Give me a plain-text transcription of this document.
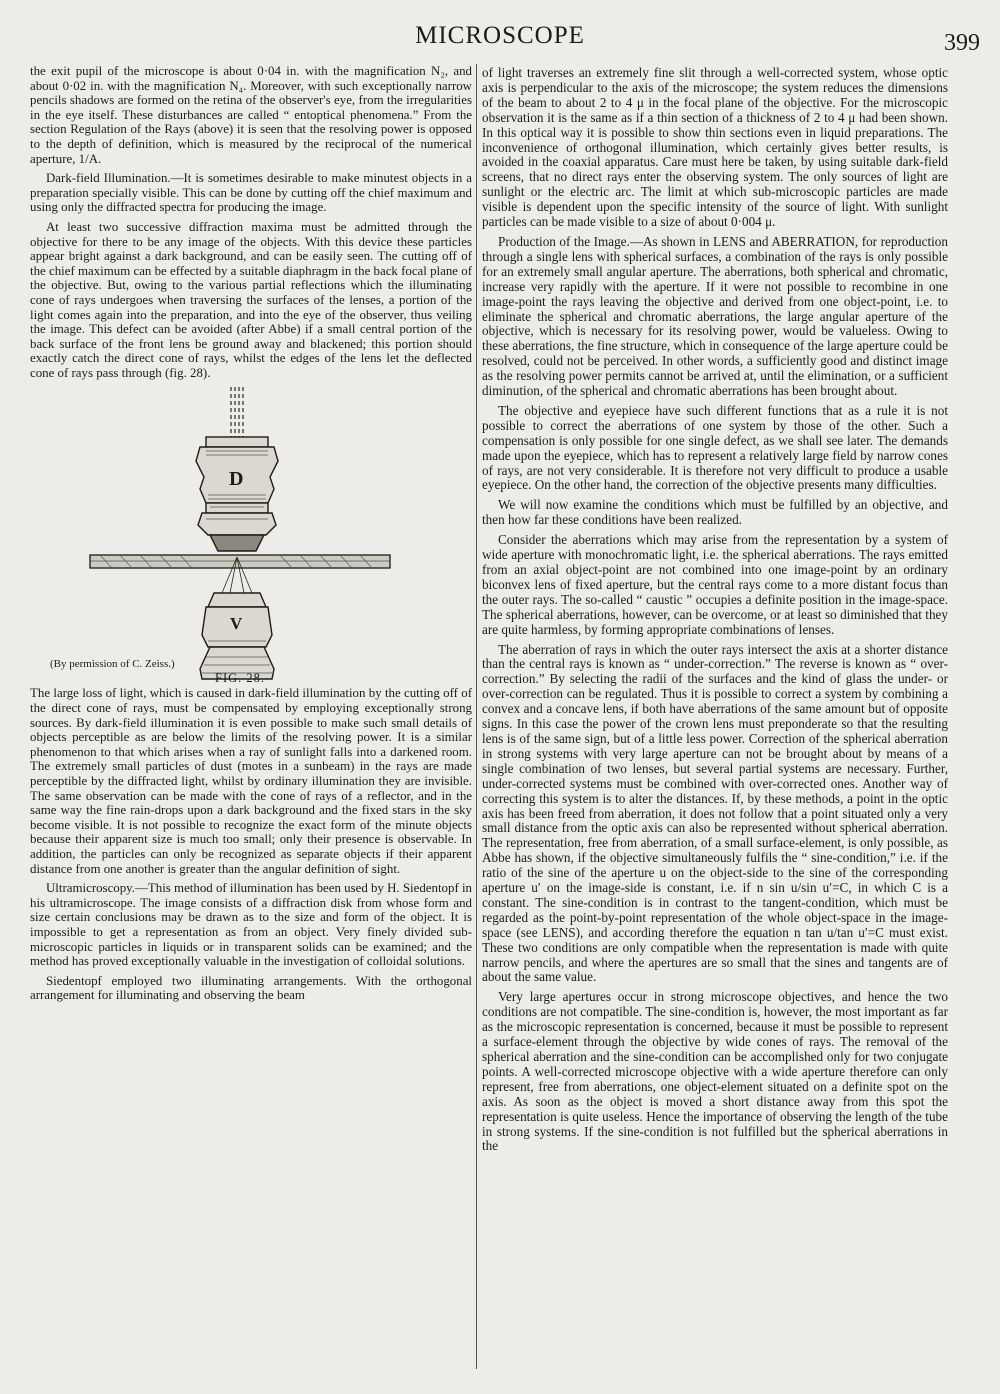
MICROSCOPE	399

the exit pupil of the microscope is about 0·04 in. with the magnification N₂, and about 0·02 in. with the magnification N₄. Moreover, with such exceptionally narrow pencils shadows are formed on the retina of the observer's eye, from the irregularities in the eye itself. These disturbances are called “ entoptical phenomena.” From the section Regulation of the Rays (above) it is seen that the resolving power is opposed to the depth of definition, which is measured by the reciprocal of the numerical aperture, 1/A.

Dark-field Illumination.—It is sometimes desirable to make minutest objects in a preparation specially visible. This can be done by cutting off the chief maximum and using only the diffracted spectra for producing the image.

At least two successive diffraction maxima must be admitted through the objective for there to be any image of the objects. With this device these particles appear bright against a dark background, and can be easily seen. The cutting off of the chief maximum can be effected by a suitable diaphragm in the back focal plane of the objective. But, owing to the various partial reflections which the illuminating cone of rays undergoes when traversing the surfaces of the lenses, a portion of the light comes again into the preparation, and into the eye of the observer, thus veiling the image. This defect can be avoided (after Abbe) if a small central portion of the back surface of the front lens be ground away and blackened; this portion should exactly catch the direct cone of rays, whilst the edges of the lens let the deflected cone of rays pass through (fig. 28).

D
V
(By permission of C. Zeiss.)
FIG. 28.

The large loss of light, which is caused in dark-field illumination by the cutting off of the direct cone of rays, must be compensated by employing exceptionally strong sources. By dark-field illumination it is even possible to make such small details of objects perceptible as are below the limits of the resolving power. It is a similar phenomenon to that which arises when a ray of sunlight falls into a darkened room. The extremely small particles of dust (motes in a sunbeam) in the rays are made perceptible by the diffracted light, whilst by ordinary illumination they are invisible. The same observation can be made with the cone of rays of a reflector, and in the same way the fine rain-drops upon a dark background and the fixed stars in the sky become visible. It is not possible to recognize the exact form of the minute objects because their apparent size is much too small; only their presence is observable. In addition, the particles can only be recognized as separate objects if their apparent distance from one another is greater than the angular definition of sight.

Ultramicroscopy.—This method of illumination has been used by H. Siedentopf in his ultramicroscope. The image consists of a diffraction disk from whose form and size certain conclusions may be drawn as to the size and form of the object. It is impossible to get a representation as from an object. Very finely divided sub-microscopic particles in liquids or in transparent solids can be examined; and the method has proved exceptionally valuable in the investigation of colloidal solutions.

Siedentopf employed two illuminating arrangements. With the orthogonal arrangement for illuminating and observing the beam

of light traverses an extremely fine slit through a well-corrected system, whose optic axis is perpendicular to the axis of the microscope; the system reduces the dimensions of the beam to about 2 to 4 μ in the focal plane of the objective. For the microscopic observation it is the same as if a thin section of a thickness of 2 to 4 μ had been shown. In this optical way it is possible to show thin sections even in liquid preparations. The inconvenience of orthogonal illumination, which certainly gives better results, is avoided in the coaxial apparatus. Care must here be taken, by using suitable dark-field screens, that no direct rays enter the observing system. The only sources of light are sunlight or the electric arc. The limit at which sub-microscopic particles are made visible is dependent upon the specific intensity of the source of light. With sunlight particles can be made visible to a size of about 0·004 μ.

Production of the Image.—As shown in LENS and ABERRATION, for reproduction through a single lens with spherical surfaces, a combination of the rays is only possible for an extremely small angular aperture. The aberrations, both spherical and chromatic, increase very rapidly with the aperture. If it were not possible to recombine in one image-point the rays leaving the objective and derived from one object-point, i.e. to eliminate the spherical and chromatic aberrations, the large angular aperture of the objective, which is necessary for its resolving power, would be valueless. Owing to these aberrations, the fine structure, which in consequence of the large aperture could be resolved, could not be perceived. In other words, a sufficiently good and distinct image as the resolving power permits cannot be arrived at, until the elimination, or a sufficient diminution, of the spherical and chromatic aberrations has been brought about.

The objective and eyepiece have such different functions that as a rule it is not possible to correct the aberrations of one system by those of the other. Such a compensation is only possible for one single defect, as we shall see later. The demands made upon the eyepiece, which has to represent a relatively large field by narrow cones of rays, are not very considerable. It is therefore not very difficult to produce a usable eyepiece. On the other hand, the correction of the objective presents many difficulties.

We will now examine the conditions which must be fulfilled by an objective, and then how far these conditions have been realized.

Consider the aberrations which may arise from the representation by a system of wide aperture with monochromatic light, i.e. the spherical aberrations. The rays emitted from an axial object-point are not combined into one image-point by an ordinary biconvex lens of fixed aperture, but the central rays come to a more distant focus than the outer rays. The so-called “ caustic ” occupies a definite position in the image-space. The spherical aberrations, however, can be overcome, or at least so diminished that they are quite harmless, by forming appropriate combinations of lenses.

The aberration of rays in which the outer rays intersect the axis at a shorter distance than the central rays is known as “ under-correction.” The reverse is known as “ over-correction.” By selecting the radii of the surfaces and the kind of glass the under- or over-correction can be regulated. Thus it is possible to correct a system by combining a convex and a concave lens, if both have aberrations of the same amount but of opposite signs. In this case the power of the crown lens must preponderate so that the resulting lens is of the same sign, but of a little less power. Correction of the spherical aberration in strong systems with very large aperture can not be brought about by means of a single combination of two lenses, but several partial systems are necessary. Further, under-corrected systems must be combined with over-corrected ones. Another way of correcting this system is to alter the distances. If, by these methods, a point in the optic axis has been freed from aberration, it does not follow that a point situated only a very small distance from the optic axis can also be represented without spherical aberration. The representation, free from aberration, of a small surface-element, is only possible, as Abbe has shown, if the objective simultaneously fulfils the “ sine-condition,” i.e. if the ratio of the sine of the aperture u on the object-side to the sine of the corresponding aperture u′ on the image-side is constant, i.e. if n sin u/sin u′=C, in which C is a constant. The sine-condition is in contrast to the tangent-condition, which must be regarded as the point-by-point representation of the whole object-space in the image-space (see LENS), and according therefore the equation n tan u/tan u′=C must exist. These two conditions are only compatible when the representation is made with quite narrow pencils, and where the apertures are so small that the sines and tangents are of about the same value.

Very large apertures occur in strong microscope objectives, and hence the two conditions are not compatible. The sine-condition is, however, the most important as far as the microscopic representation is concerned, because it must be possible to represent a surface-element through the objective by wide cones of rays. The removal of the spherical aberration and the sine-condition can be accomplished only for two conjugate points. A well-corrected microscope objective with a wide aperture therefore can only represent, free from aberrations, one object-element situated on a definite spot on the axis. As soon as the object is moved a short distance away from this spot the representation is quite useless. Hence the importance of observing the length of the tube in strong systems. If the sine-condition is not fulfilled but the spherical aberrations in the
